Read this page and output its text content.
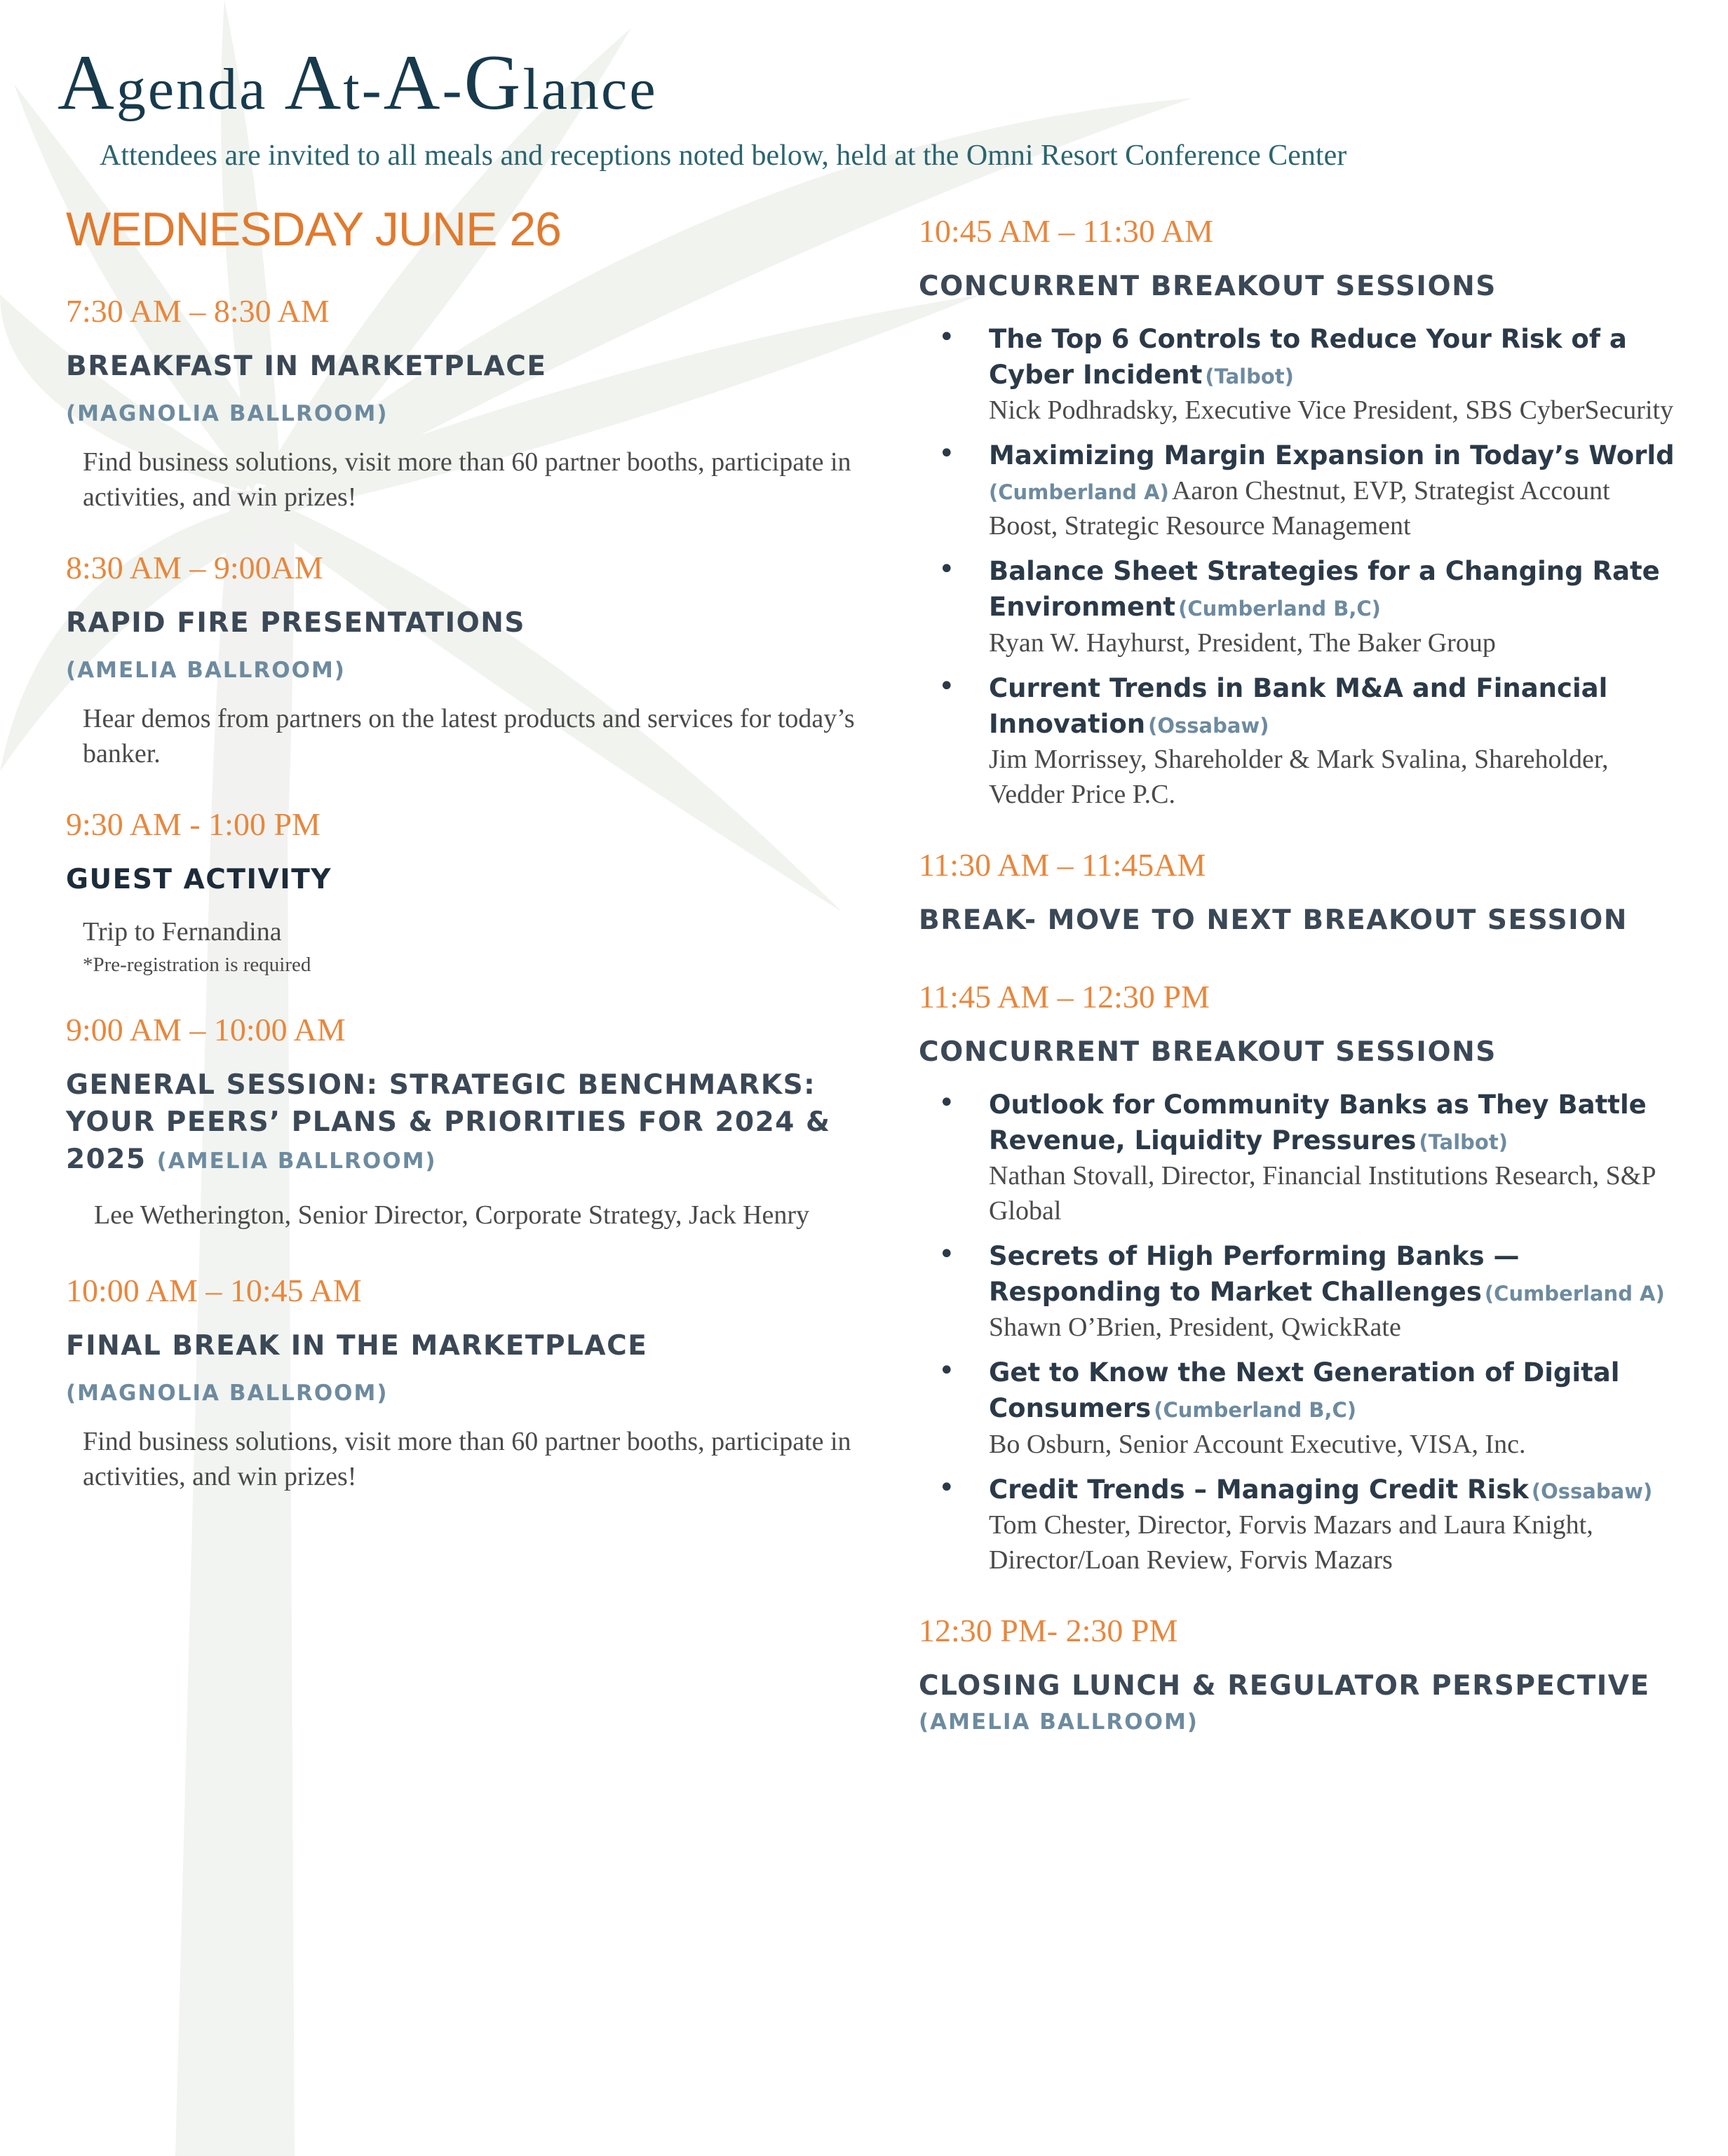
Agenda At-A-Glance

Attendees are invited to all meals and receptions noted below, held at the Omni Resort Conference Center

WEDNESDAY JUNE 26
7:30 AM – 8:30 AM
BREAKFAST IN MARKETPLACE
(MAGNOLIA BALLROOM)
Find business solutions, visit more than 60 partner booths, participate in activities, and win prizes!
8:30 AM – 9:00AM
RAPID FIRE PRESENTATIONS
(AMELIA BALLROOM)
Hear demos from partners on the latest products and services for today’s banker.
9:30 AM - 1:00 PM
GUEST ACTIVITY
Trip to Fernandina
*Pre-registration is required
9:00 AM – 10:00 AM
GENERAL SESSION: STRATEGIC BENCHMARKS: YOUR PEERS’ PLANS & PRIORITIES FOR 2024 & 2025 (AMELIA BALLROOM)
Lee Wetherington, Senior Director, Corporate Strategy, Jack Henry
10:00 AM – 10:45 AM
FINAL BREAK IN THE MARKETPLACE
(MAGNOLIA BALLROOM)
Find business solutions, visit more than 60 partner booths, participate in activities, and win prizes!
10:45 AM – 11:30 AM
CONCURRENT BREAKOUT SESSIONS
• The Top 6 Controls to Reduce Your Risk of a Cyber Incident (Talbot)
Nick Podhradsky, Executive Vice President, SBS CyberSecurity
• Maximizing Margin Expansion in Today’s World (Cumberland A) Aaron Chestnut, EVP, Strategist Account Boost, Strategic Resource Management
• Balance Sheet Strategies for a Changing Rate Environment (Cumberland B,C)
Ryan W. Hayhurst, President, The Baker Group
• Current Trends in Bank M&A and Financial Innovation (Ossabaw)
Jim Morrissey, Shareholder & Mark Svalina, Shareholder, Vedder Price P.C.
11:30 AM – 11:45AM
BREAK- MOVE TO NEXT BREAKOUT SESSION
11:45 AM – 12:30 PM
CONCURRENT BREAKOUT SESSIONS
• Outlook for Community Banks as They Battle Revenue, Liquidity Pressures (Talbot)
Nathan Stovall, Director, Financial Institutions Research, S&P Global
• Secrets of High Performing Banks — Responding to Market Challenges (Cumberland A)
Shawn O’Brien, President, QwickRate
• Get to Know the Next Generation of Digital Consumers (Cumberland B,C)
Bo Osburn, Senior Account Executive, VISA, Inc.
• Credit Trends – Managing Credit Risk (Ossabaw)
Tom Chester, Director, Forvis Mazars and Laura Knight, Director/Loan Review, Forvis Mazars
12:30 PM- 2:30 PM
CLOSING LUNCH & REGULATOR PERSPECTIVE
(AMELIA BALLROOM)
